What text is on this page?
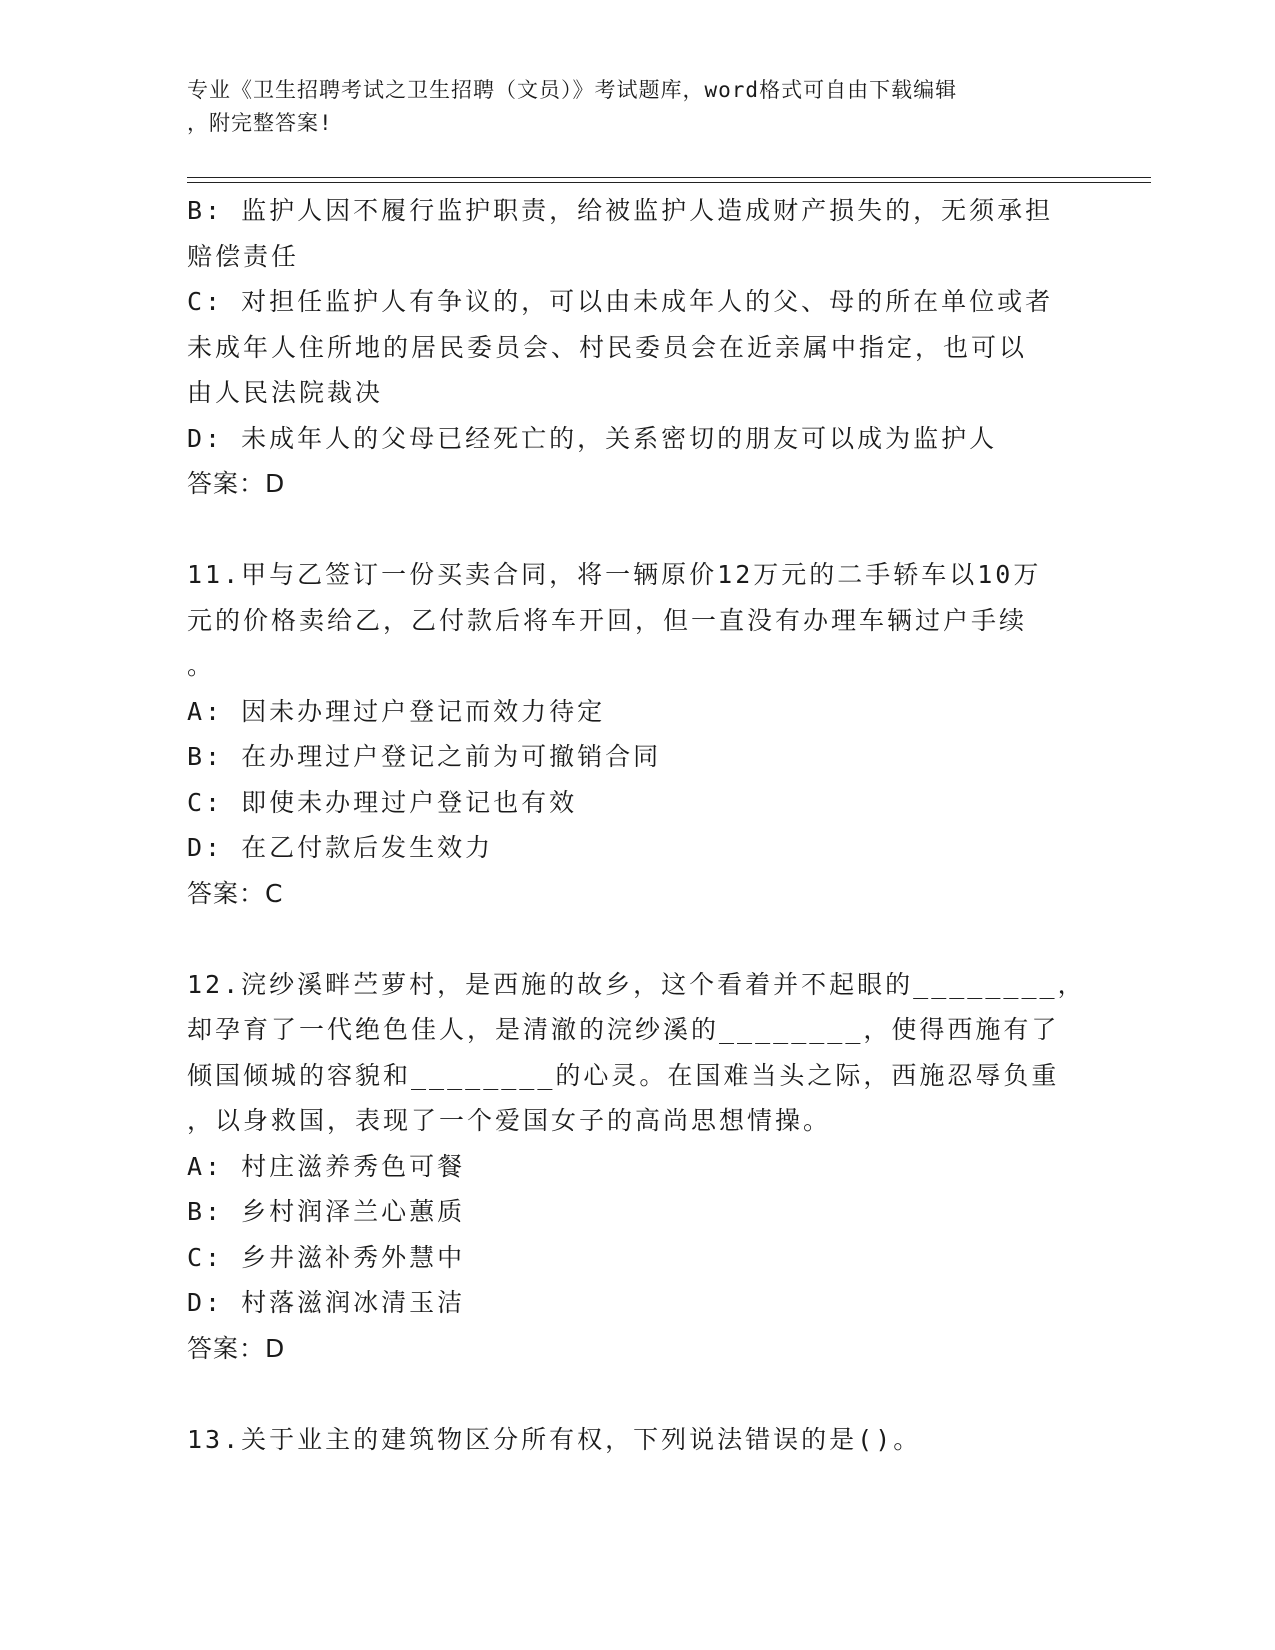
专业《卫生招聘考试之卫生招聘（文员）》考试题库，word格式可自由下载编辑
，附完整答案!
B: 监护人因不履行监护职责，给被监护人造成财产损失的，无须承担
赔偿责任
C: 对担任监护人有争议的，可以由未成年人的父、母的所在单位或者
未成年人住所地的居民委员会、村民委员会在近亲属中指定，也可以
由人民法院裁决
D: 未成年人的父母已经死亡的，关系密切的朋友可以成为监护人
答案：D
11.甲与乙签订一份买卖合同，将一辆原价12万元的二手轿车以10万
元的价格卖给乙，乙付款后将车开回，但一直没有办理车辆过户手续
。
A: 因未办理过户登记而效力待定
B: 在办理过户登记之前为可撤销合同
C: 即使未办理过户登记也有效
D: 在乙付款后发生效力
答案：C
12.浣纱溪畔苎萝村，是西施的故乡，这个看着并不起眼的________，
却孕育了一代绝色佳人，是清澈的浣纱溪的________，使得西施有了
倾国倾城的容貌和________的心灵。在国难当头之际，西施忍辱负重
，以身救国，表现了一个爱国女子的高尚思想情操。
A: 村庄滋养秀色可餐
B: 乡村润泽兰心蕙质
C: 乡井滋补秀外慧中
D: 村落滋润冰清玉洁
答案：D
13.关于业主的建筑物区分所有权，下列说法错误的是()。
